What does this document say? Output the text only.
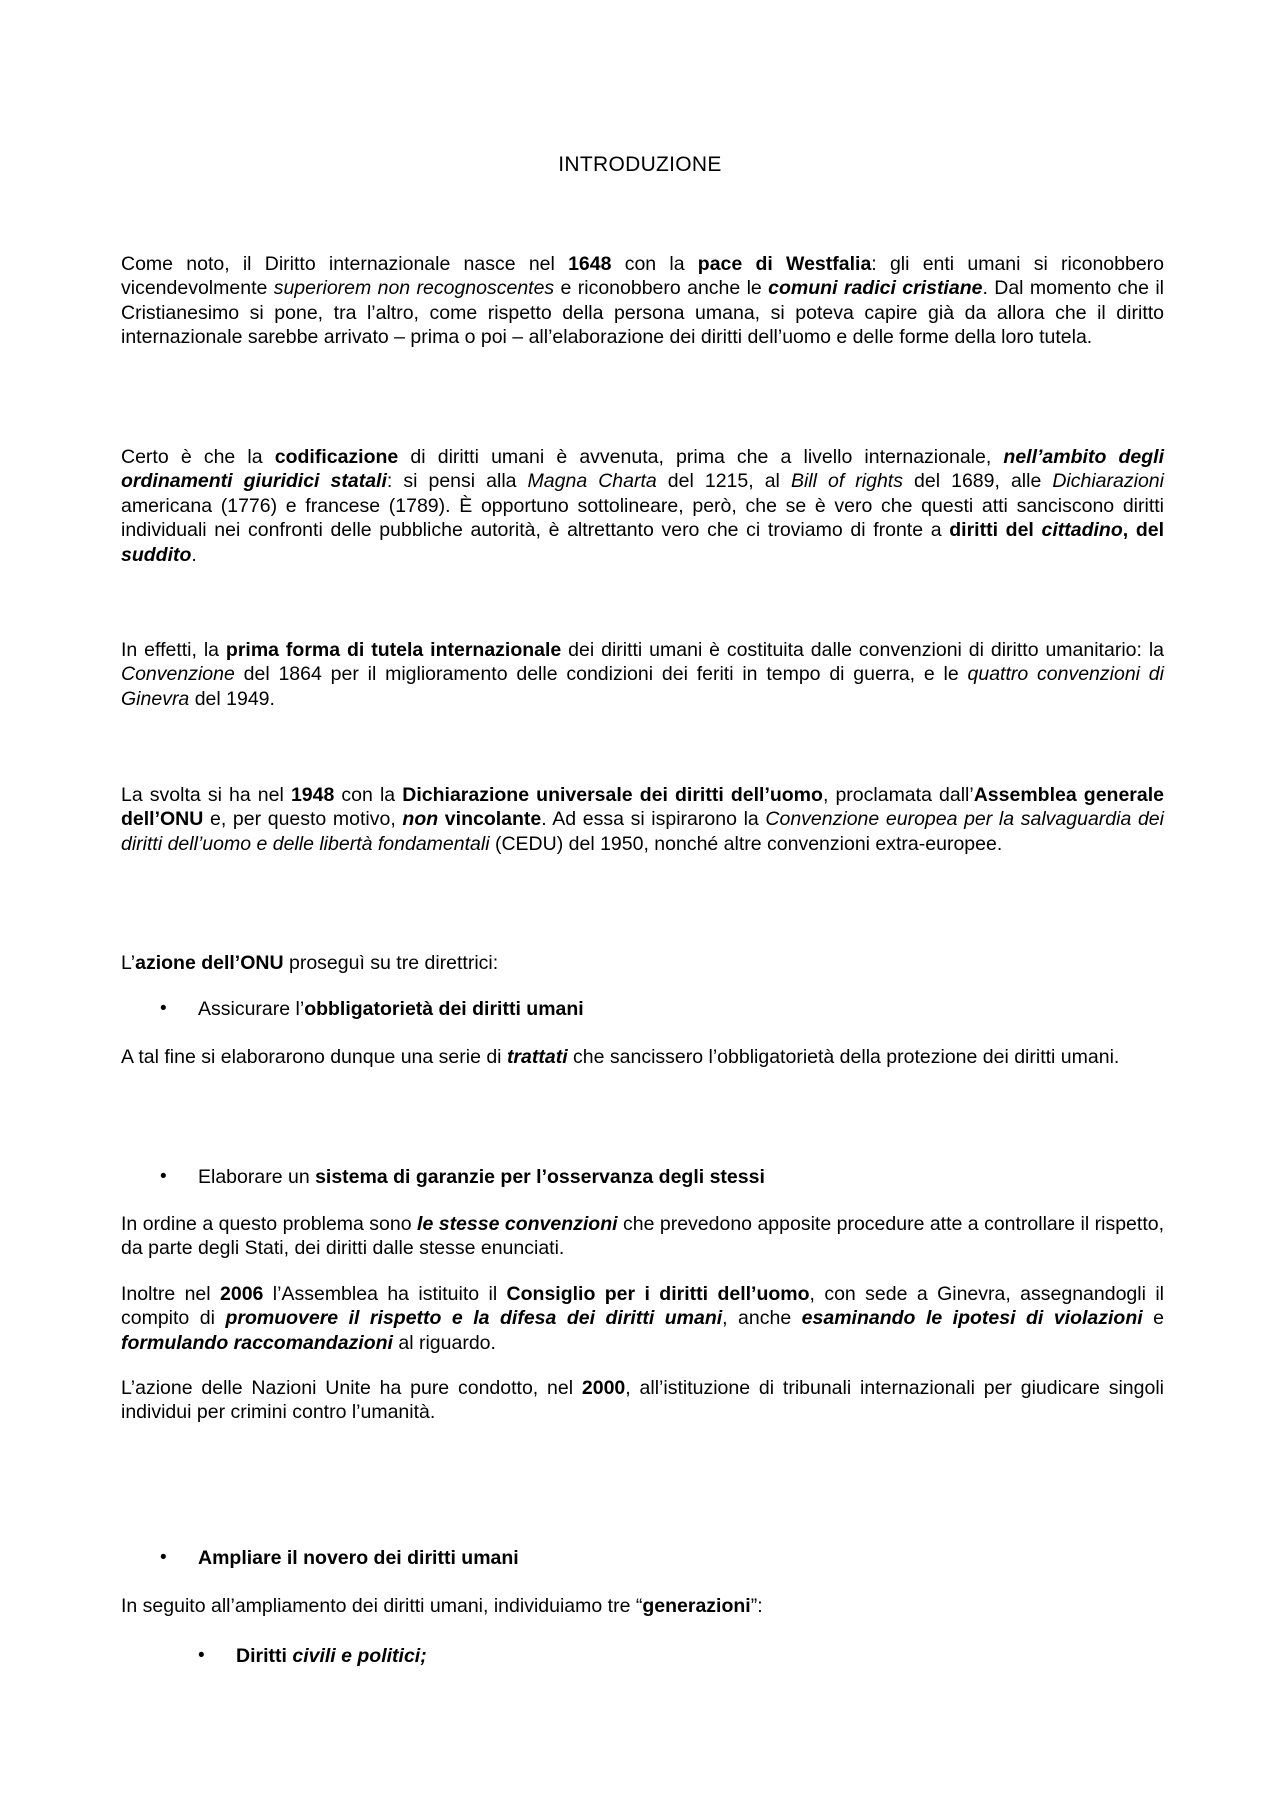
INTRODUZIONE
Come noto, il Diritto internazionale nasce nel 1648 con la pace di Westfalia: gli enti umani si riconobbero vicendevolmente superiorem non recognoscentes e riconobbero anche le comuni radici cristiane. Dal momento che il Cristianesimo si pone, tra l’altro, come rispetto della persona umana, si poteva capire già da allora che il diritto internazionale sarebbe arrivato – prima o poi – all’elaborazione dei diritti dell’uomo e delle forme della loro tutela.
Certo è che la codificazione di diritti umani è avvenuta, prima che a livello internazionale, nell’ambito degli ordinamenti giuridici statali: si pensi alla Magna Charta del 1215, al Bill of rights del 1689, alle Dichiarazioni americana (1776) e francese (1789). È opportuno sottolineare, però, che se è vero che questi atti sanciscono diritti individuali nei confronti delle pubbliche autorità, è altrettanto vero che ci troviamo di fronte a diritti del cittadino, del suddito.
In effetti, la prima forma di tutela internazionale dei diritti umani è costituita dalle convenzioni di diritto umanitario: la Convenzione del 1864 per il miglioramento delle condizioni dei feriti in tempo di guerra, e le quattro convenzioni di Ginevra del 1949.
La svolta si ha nel 1948 con la Dichiarazione universale dei diritti dell’uomo, proclamata dall’Assemblea generale dell’ONU e, per questo motivo, non vincolante. Ad essa si ispirarono la Convenzione europea per la salvaguardia dei diritti dell’uomo e delle libertà fondamentali (CEDU) del 1950, nonché altre convenzioni extra-europee.
L’azione dell’ONU proseguì su tre direttrici:
• Assicurare l’obbligatorietà dei diritti umani
A tal fine si elaborarono dunque una serie di trattati che sancissero l’obbligatorietà della protezione dei diritti umani.
• Elaborare un sistema di garanzie per l’osservanza degli stessi
In ordine a questo problema sono le stesse convenzioni che prevedono apposite procedure atte a controllare il rispetto, da parte degli Stati, dei diritti dalle stesse enunciati.
Inoltre nel 2006 l’Assemblea ha istituito il Consiglio per i diritti dell’uomo, con sede a Ginevra, assegnandogli il compito di promuovere il rispetto e la difesa dei diritti umani, anche esaminando le ipotesi di violazioni e formulando raccomandazioni al riguardo.
L’azione delle Nazioni Unite ha pure condotto, nel 2000, all’istituzione di tribunali internazionali per giudicare singoli individui per crimini contro l’umanità.
• Ampliare il novero dei diritti umani
In seguito all’ampliamento dei diritti umani, individuiamo tre “generazioni”:
• Diritti civili e politici;
